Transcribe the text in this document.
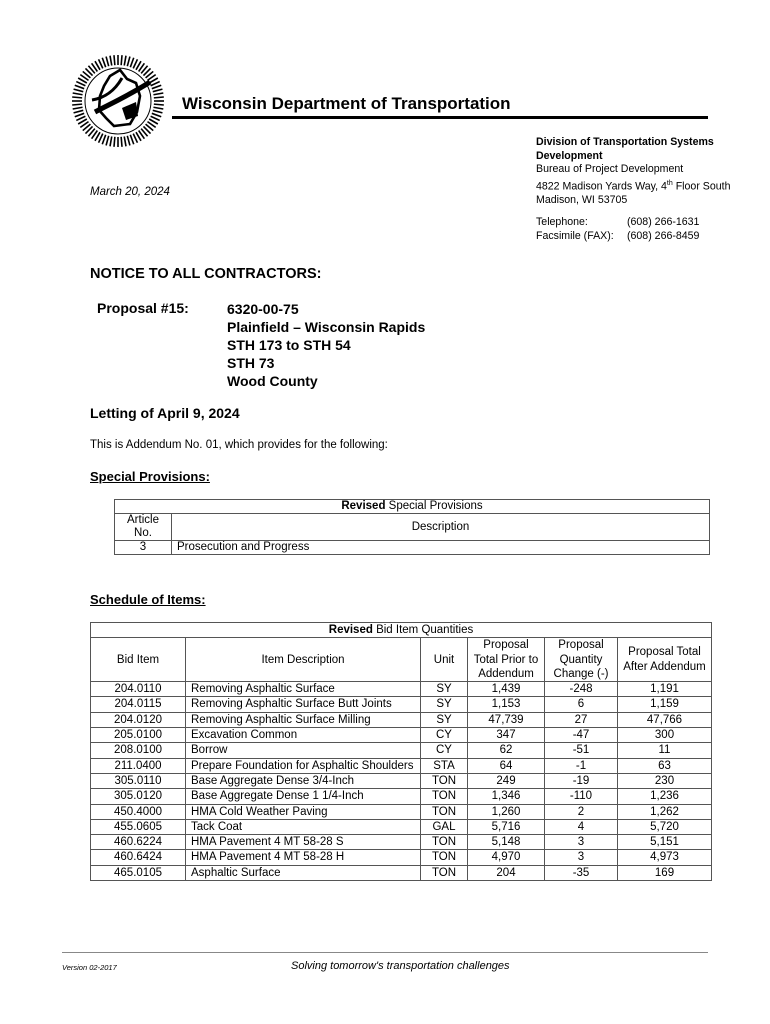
Wisconsin Department of Transportation
Division of Transportation Systems
Development
Bureau of Project Development
4822 Madison Yards Way, 4th Floor South
Madison, WI 53705
Telephone:	(608) 266-1631
Facsimile (FAX): (608) 266-8459
March 20, 2024
NOTICE TO ALL CONTRACTORS:
Proposal #15:	6320-00-75
Plainfield – Wisconsin Rapids
STH 173 to STH 54
STH 73
Wood County
Letting of April 9, 2024
This is Addendum No. 01, which provides for the following:
Special Provisions:
Revised Special Provisions	
Article No.	Description
3	Prosecution and Progress
Schedule of Items:
Revised Bid Item Quantities					
Bid Item	Item Description	Unit	Proposal Total Prior to Addendum	Proposal Quantity Change (-)	Proposal Total After Addendum
204.0110	Removing Asphaltic Surface	SY	1,439	-248	1,191
204.0115	Removing Asphaltic Surface Butt Joints	SY	1,153	6	1,159
204.0120	Removing Asphaltic Surface Milling	SY	47,739	27	47,766
205.0100	Excavation Common	CY	347	-47	300
208.0100	Borrow	CY	62	-51	11
211.0400	Prepare Foundation for Asphaltic Shoulders	STA	64	-1	63
305.0110	Base Aggregate Dense 3/4-Inch	TON	249	-19	230
305.0120	Base Aggregate Dense 1 1/4-Inch	TON	1,346	-110	1,236
450.4000	HMA Cold Weather Paving	TON	1,260	2	1,262
455.0605	Tack Coat	GAL	5,716	4	5,720
460.6224	HMA Pavement 4 MT 58-28 S	TON	5,148	3	5,151
460.6424	HMA Pavement 4 MT 58-28 H	TON	4,970	3	4,973
465.0105	Asphaltic Surface	TON	204	-35	169
Version 02-2017	Solving tomorrow's transportation challenges
